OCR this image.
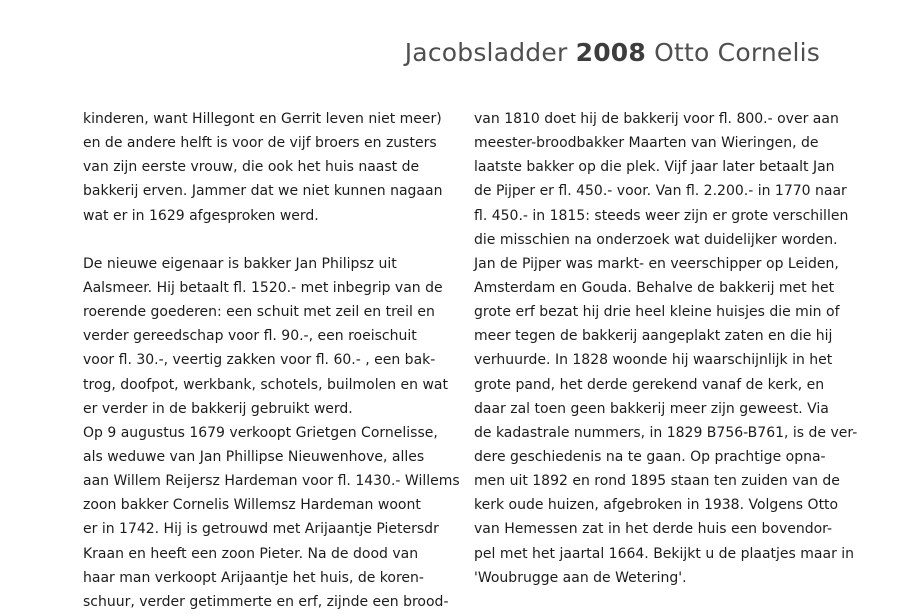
Jacobsladder 2008 Otto Cornelis
kinderen, want Hillegont en Gerrit leven niet meer)
en de andere helft is voor de vijf broers en zusters
van zijn eerste vrouw, die ook het huis naast de
bakkerij erven. Jammer dat we niet kunnen nagaan
wat er in 1629 afgesproken werd.
De nieuwe eigenaar is bakker Jan Philipsz uit
Aalsmeer. Hij betaalt fl. 1520.- met inbegrip van de
roerende goederen: een schuit met zeil en treil en
verder gereedschap voor fl. 90.-, een roeischuit
voor fl. 30.-, veertig zakken voor fl. 60.- , een bak-
trog, doofpot, werkbank, schotels, builmolen en wat
er verder in de bakkerij gebruikt werd.
Op 9 augustus 1679 verkoopt Grietgen Cornelisse,
als weduwe van Jan Phillipse Nieuwenhove, alles
aan Willem Reijersz Hardeman voor fl. 1430.- Willems
zoon bakker Cornelis Willemsz Hardeman woont
er in 1742. Hij is getrouwd met Arijaantje Pietersdr
Kraan en heeft een zoon Pieter. Na de dood van
haar man verkoopt Arijaantje het huis, de koren-
schuur, verder getimmerte en erf, zijnde een brood-
van 1810 doet hij de bakkerij voor fl. 800.- over aan
meester-broodbakker Maarten van Wieringen, de
laatste bakker op die plek. Vijf jaar later betaalt Jan
de Pijper er fl. 450.- voor. Van fl. 2.200.- in 1770 naar
fl. 450.- in 1815: steeds weer zijn er grote verschillen
die misschien na onderzoek wat duidelijker worden.
Jan de Pijper was markt- en veerschipper op Leiden,
Amsterdam en Gouda. Behalve de bakkerij met het
grote erf bezat hij drie heel kleine huisjes die min of
meer tegen de bakkerij aangeplakt zaten en die hij
verhuurde. In 1828 woonde hij waarschijnlijk in het
grote pand, het derde gerekend vanaf de kerk, en
daar zal toen geen bakkerij meer zijn geweest. Via
de kadastrale nummers, in 1829 B756-B761, is de ver-
dere geschiedenis na te gaan. Op prachtige opna-
men uit 1892 en rond 1895 staan ten zuiden van de
kerk oude huizen, afgebroken in 1938. Volgens Otto
van Hemessen zat in het derde huis een bovendor-
pel met het jaartal 1664. Bekijkt u de plaatjes maar in
'Woubrugge aan de Wetering'.
